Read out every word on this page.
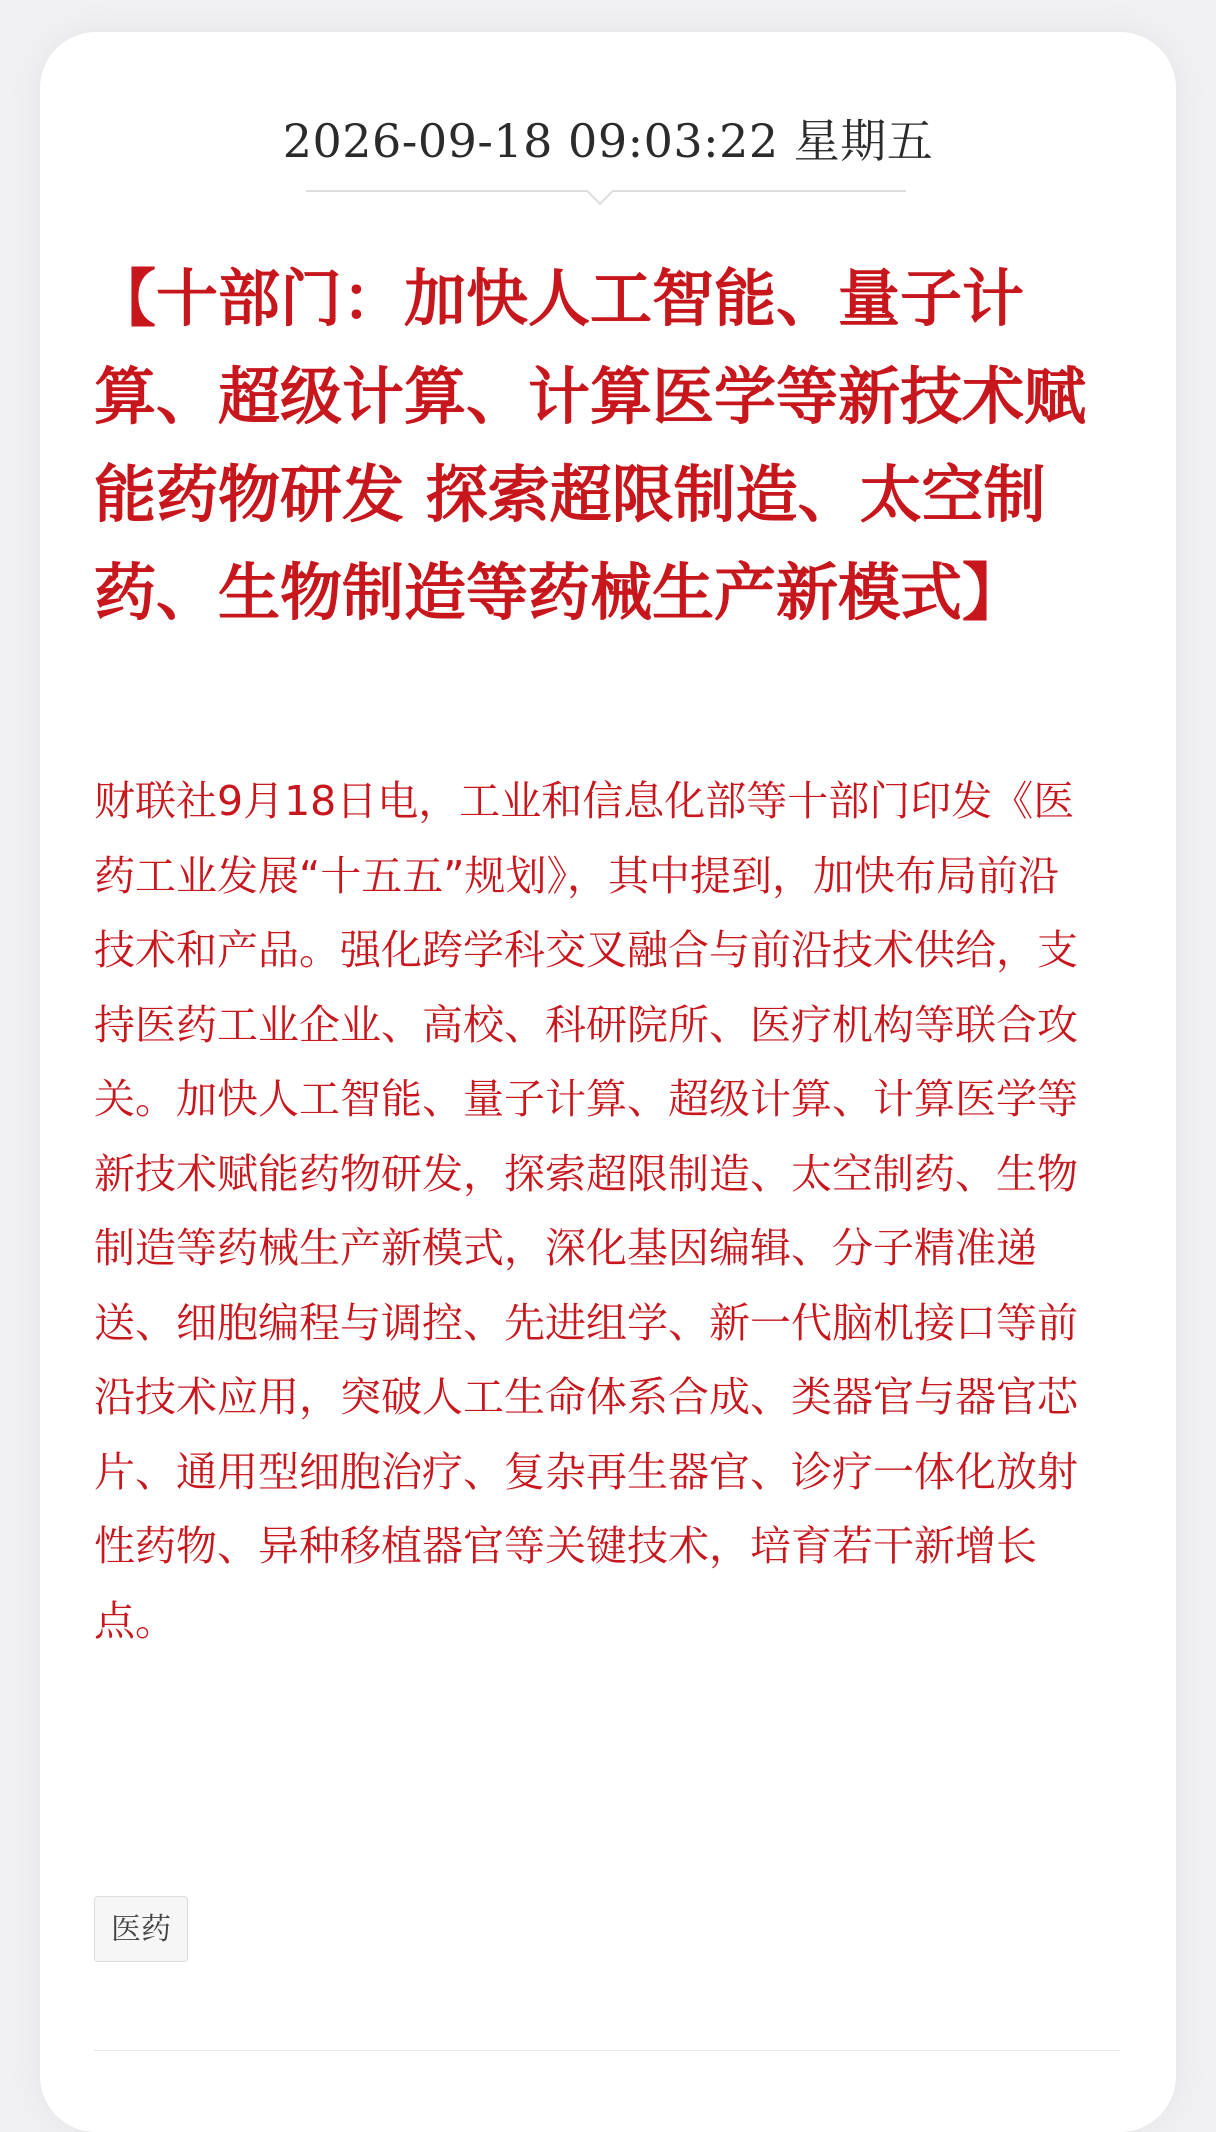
2026-09-18 09:03:22 星期五
【十部门：加快人工智能、量子计算、超级计算、计算医学等新技术赋能药物研发 探索超限制造、太空制药、生物制造等药械生产新模式】

财联社9月18日电，工业和信息化部等十部门印发《医药工业发展“十五五”规划》，其中提到，加快布局前沿技术和产品。强化跨学科交叉融合与前沿技术供给，支持医药工业企业、高校、科研院所、医疗机构等联合攻关。加快人工智能、量子计算、超级计算、计算医学等新技术赋能药物研发，探索超限制造、太空制药、生物制造等药械生产新模式，深化基因编辑、分子精准递送、细胞编程与调控、先进组学、新一代脑机接口等前沿技术应用，突破人工生命体系合成、类器官与器官芯片、通用型细胞治疗、复杂再生器官、诊疗一体化放射性药物、异种移植器官等关键技术，培育若干新增长点。

医药
